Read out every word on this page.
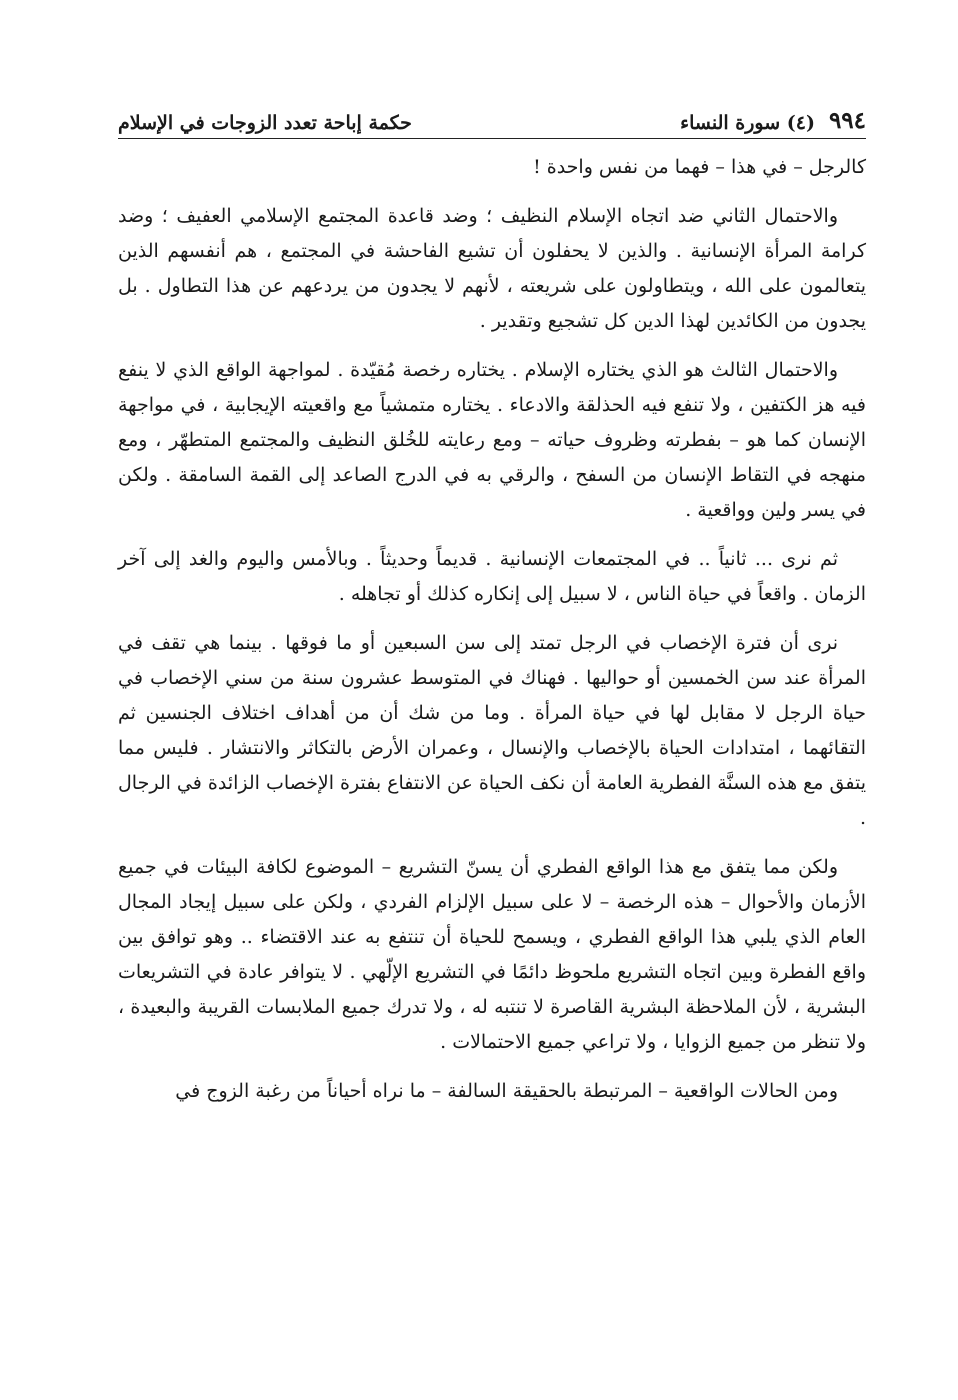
٩٩٤
(٤) سورة النساء
حكمة إباحة تعدد الزوجات في الإسلام

كالرجل – في هذا – فهما من نفس واحدة !

والاحتمال الثاني ضد اتجاه الإسلام النظيف ؛ وضد قاعدة المجتمع الإسلامي العفيف ؛ وضد كرامة المرأة الإنسانية . والذين لا يحفلون أن تشيع الفاحشة في المجتمع ، هم أنفسهم الذين يتعالمون على الله ، ويتطاولون على شريعته ، لأنهم لا يجدون من يردعهم عن هذا التطاول . بل يجدون من الكائدين لهذا الدين كل تشجيع وتقدير .

والاحتمال الثالث هو الذي يختاره الإسلام . يختاره رخصة مُقيّدة . لمواجهة الواقع الذي لا ينفع فيه هز الكتفين ، ولا تنفع فيه الحذلقة والادعاء . يختاره متمشياً مع واقعيته الإيجابية ، في مواجهة الإنسان كما هو – بفطرته وظروف حياته – ومع رعايته للخُلق النظيف والمجتمع المتطهّر ، ومع منهجه في التقاط الإنسان من السفح ، والرقي به في الدرج الصاعد إلى القمة السامقة . ولكن في يسر ولين وواقعية .

ثم نرى ... ثانياً .. في المجتمعات الإنسانية . قديماً وحديثاً . وبالأمس واليوم والغد إلى آخر الزمان . واقعاً في حياة الناس ، لا سبيل إلى إنكاره كذلك أو تجاهله .

نرى أن فترة الإخصاب في الرجل تمتد إلى سن السبعين أو ما فوقها . بينما هي تقف في المرأة عند سن الخمسين أو حواليها . فهناك في المتوسط عشرون سنة من سني الإخصاب في حياة الرجل لا مقابل لها في حياة المرأة . وما من شك أن من أهداف اختلاف الجنسين ثم التقائهما ، امتدادات الحياة بالإخصاب والإنسال ، وعمران الأرض بالتكاثر والانتشار . فليس مما يتفق مع هذه السنَّة الفطرية العامة أن نكف الحياة عن الانتفاع بفترة الإخصاب الزائدة في الرجال .

ولكن مما يتفق مع هذا الواقع الفطري أن يسنّ التشريع – الموضوع لكافة البيئات في جميع الأزمان والأحوال – هذه الرخصة – لا على سبيل الإلزام الفردي ، ولكن على سبيل إيجاد المجال العام الذي يلبي هذا الواقع الفطري ، ويسمح للحياة أن تنتفع به عند الاقتضاء .. وهو توافق بين واقع الفطرة وبين اتجاه التشريع ملحوظ دائمًا في التشريع الإلّهي . لا يتوافر عادة في التشريعات البشرية ، لأن الملاحظة البشرية القاصرة لا تنتبه له ، ولا تدرك جميع الملابسات القريبة والبعيدة ، ولا تنظر من جميع الزوايا ، ولا تراعي جميع الاحتمالات .

ومن الحالات الواقعية – المرتبطة بالحقيقة السالفة – ما نراه أحياناً من رغبة الزوج في
